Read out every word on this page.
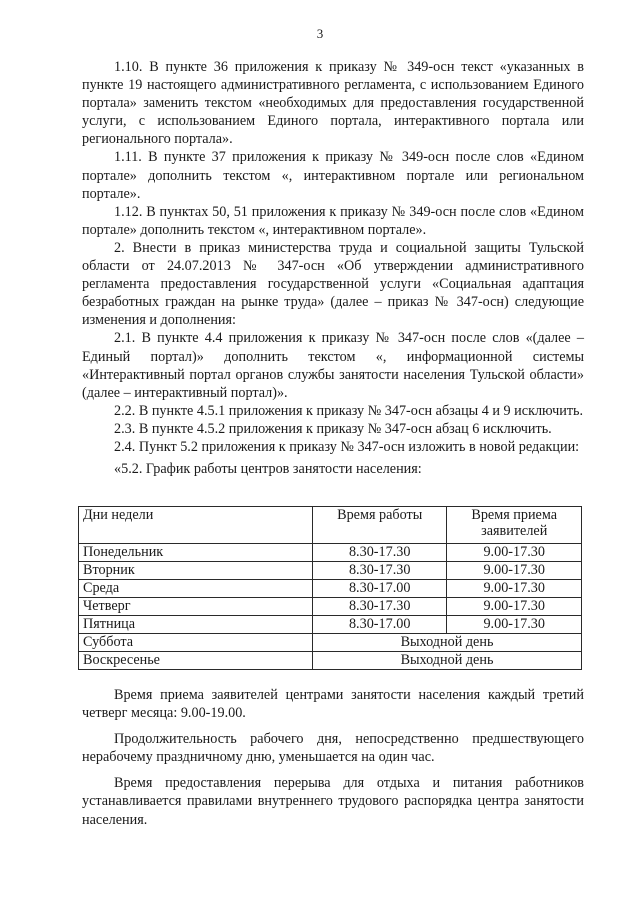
3

1.10. В пункте 36 приложения к приказу № 349-осн текст «указанных в пункте 19 настоящего административного регламента, с использованием Единого портала» заменить текстом «необходимых для предоставления государственной услуги, с использованием Единого портала, интерактивного портала или регионального портала».

1.11. В пункте 37 приложения к приказу № 349-осн после слов «Едином портале» дополнить текстом «, интерактивном портале или региональном портале».

1.12. В пунктах 50, 51 приложения к приказу № 349-осн после слов «Едином портале» дополнить текстом «, интерактивном портале».

2. Внести в приказ министерства труда и социальной защиты Тульской области от 24.07.2013 № 347-осн «Об утверждении административного регламента предоставления государственной услуги «Социальная адаптация безработных граждан на рынке труда» (далее – приказ № 347-осн) следующие изменения и дополнения:

2.1. В пункте 4.4 приложения к приказу № 347-осн после слов «(далее – Единый портал)» дополнить текстом «, информационной системы «Интерактивный портал органов службы занятости населения Тульской области» (далее – интерактивный портал)».

2.2. В пункте 4.5.1 приложения к приказу № 347-осн абзацы 4 и 9 исключить.

2.3. В пункте 4.5.2 приложения к приказу № 347-осн абзац 6 исключить.

2.4. Пункт 5.2 приложения к приказу № 347-осн изложить в новой редакции:

«5.2. График работы центров занятости населения:

Дни недели	Время работы	Время приема заявителей
Понедельник	8.30-17.30	9.00-17.30
Вторник	8.30-17.30	9.00-17.30
Среда	8.30-17.00	9.00-17.30
Четверг	8.30-17.30	9.00-17.30
Пятница	8.30-17.00	9.00-17.30
Суббота	Выходной день	
Воскресенье	Выходной день	

Время приема заявителей центрами занятости населения каждый третий четверг месяца: 9.00-19.00.

Продолжительность рабочего дня, непосредственно предшествующего нерабочему праздничному дню, уменьшается на один час.

Время предоставления перерыва для отдыха и питания работников устанавливается правилами внутреннего трудового распорядка центра занятости населения.
